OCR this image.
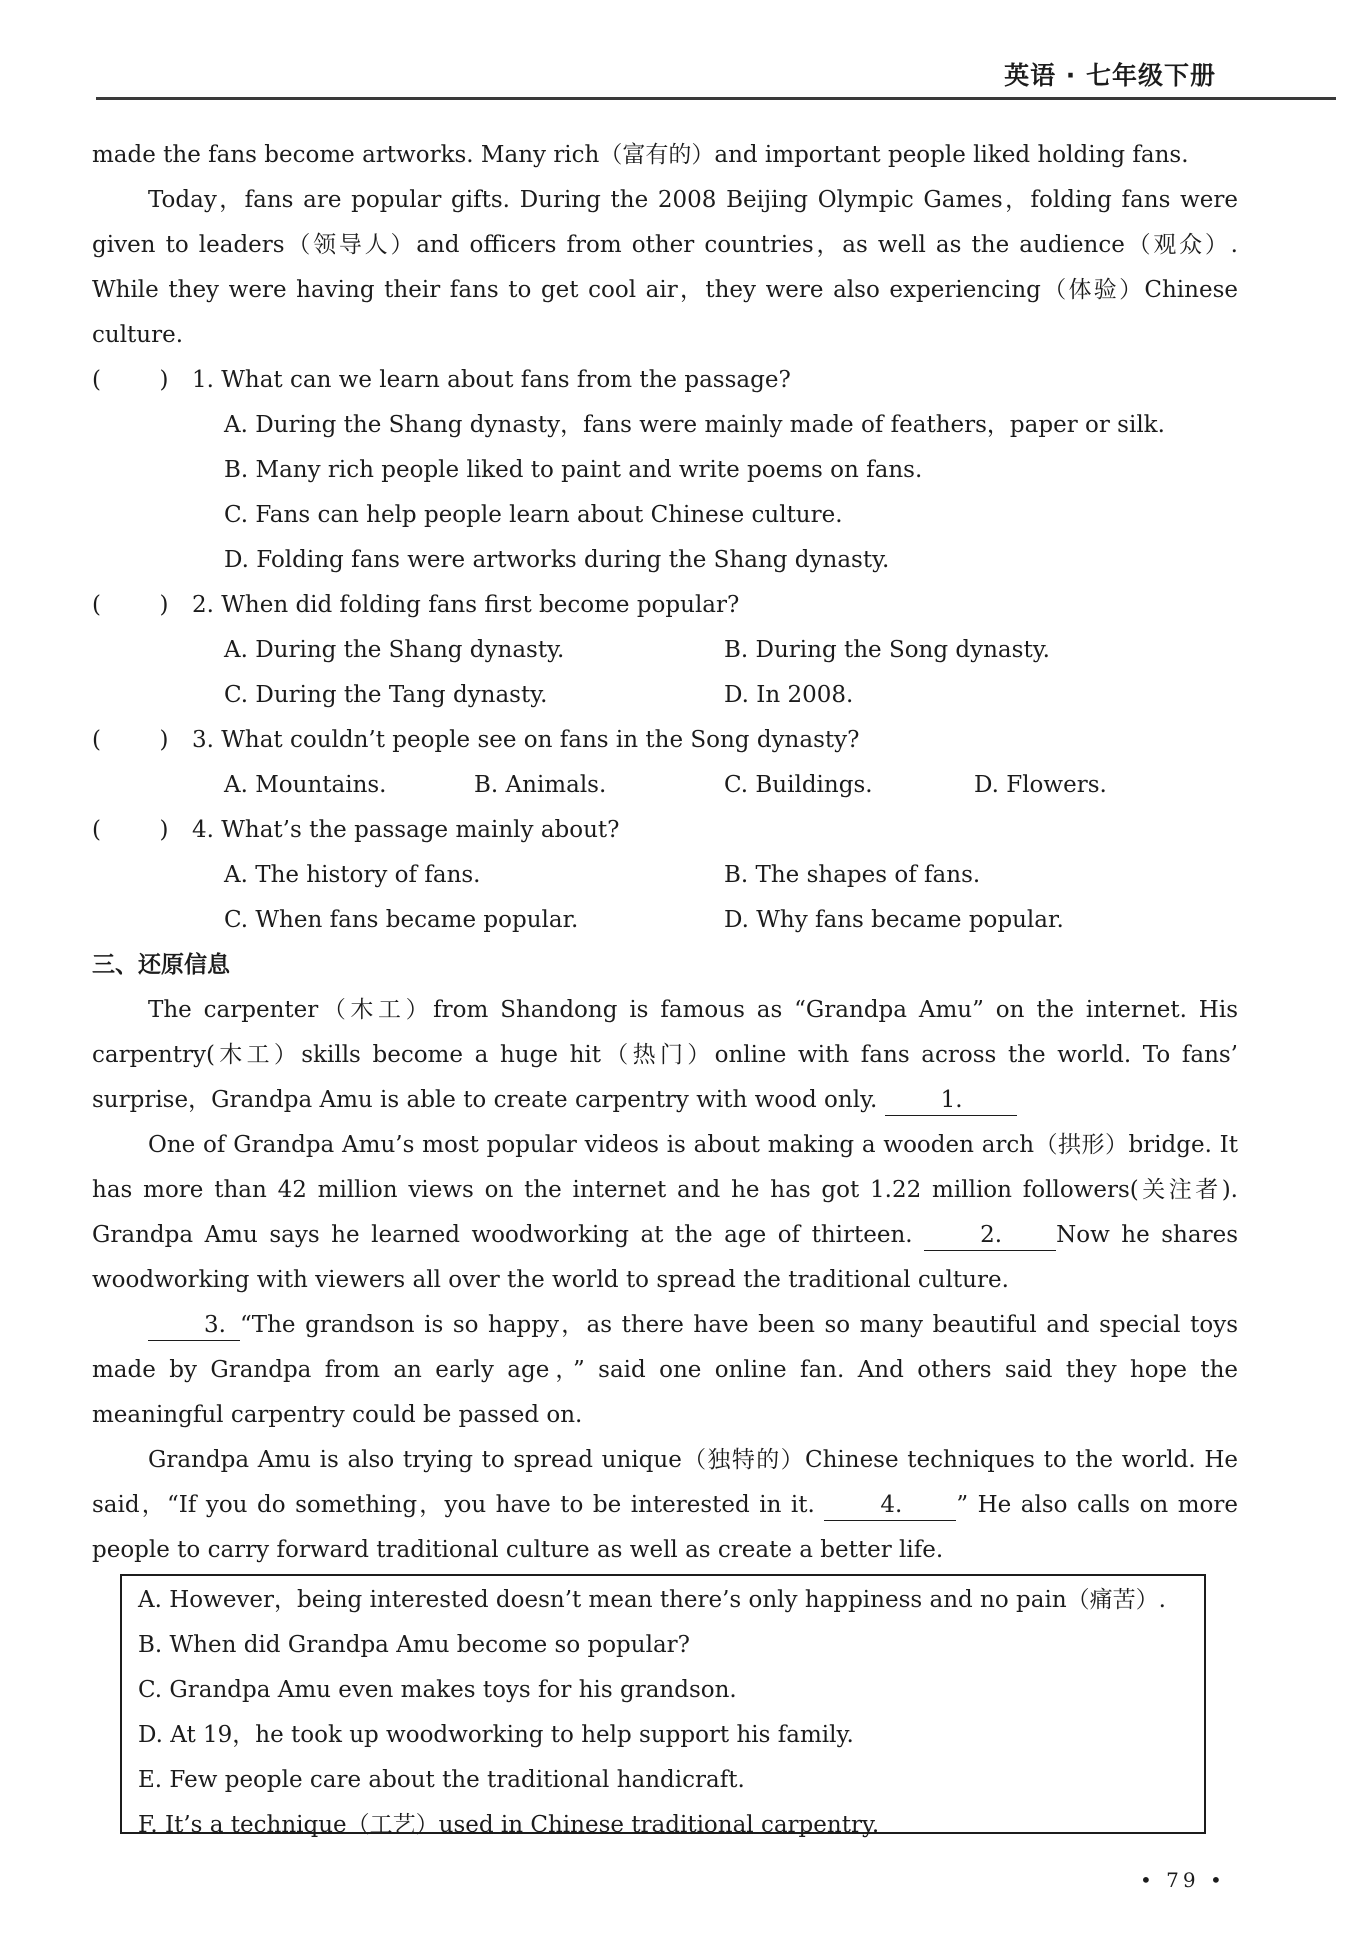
英语 · 七年级下册

made the fans become artworks. Many rich（富有的）and important people liked holding fans.

Today，fans are popular gifts. During the 2008 Beijing Olympic Games，folding fans were given to leaders（领导人）and officers from other countries，as well as the audience（观众）. While they were having their fans to get cool air，they were also experiencing（体验）Chinese culture.

(        )	1. What can we learn about fans from the passage?
A. During the Shang dynasty，fans were mainly made of feathers，paper or silk.
B. Many rich people liked to paint and write poems on fans.
C. Fans can help people learn about Chinese culture.
D. Folding fans were artworks during the Shang dynasty.
(        )	2. When did folding fans first become popular?
A. During the Shang dynasty.	B. During the Song dynasty.
C. During the Tang dynasty.	D. In 2008.
(        )	3. What couldn’t people see on fans in the Song dynasty?
A. Mountains.	B. Animals.	C. Buildings.	D. Flowers.
(        )	4. What’s the passage mainly about?
A. The history of fans.	B. The shapes of fans.
C. When fans became popular.	D. Why fans became popular.
三、还原信息

The carpenter（木工）from Shandong is famous as “Grandpa Amu” on the internet. His carpentry(木工）skills become a huge hit（热门）online with fans across the world. To fans’ surprise，Grandpa Amu is able to create carpentry with wood only.	1.

One of Grandpa Amu’s most popular videos is about making a wooden arch（拱形）bridge. It has more than 42 million views on the internet and he has got 1.22 million followers(关注者). Grandpa Amu says he learned woodworking at the age of thirteen.	2. Now he shares woodworking with viewers all over the world to spread the traditional culture.

3. “The grandson is so happy，as there have been so many beautiful and special toys made by Grandpa from an early age，” said one online fan. And others said they hope the meaningful carpentry could be passed on.

Grandpa Amu is also trying to spread unique（独特的）Chinese techniques to the world. He said，“If you do something，you have to be interested in it.	4. ” He also calls on more people to carry forward traditional culture as well as create a better life.

A. However，being interested doesn’t mean there’s only happiness and no pain（痛苦）.
B. When did Grandpa Amu become so popular?
C. Grandpa Amu even makes toys for his grandson.
D. At 19，he took up woodworking to help support his family.
E. Few people care about the traditional handicraft.
F. It’s a technique（工艺）used in Chinese traditional carpentry.
• 79 •
